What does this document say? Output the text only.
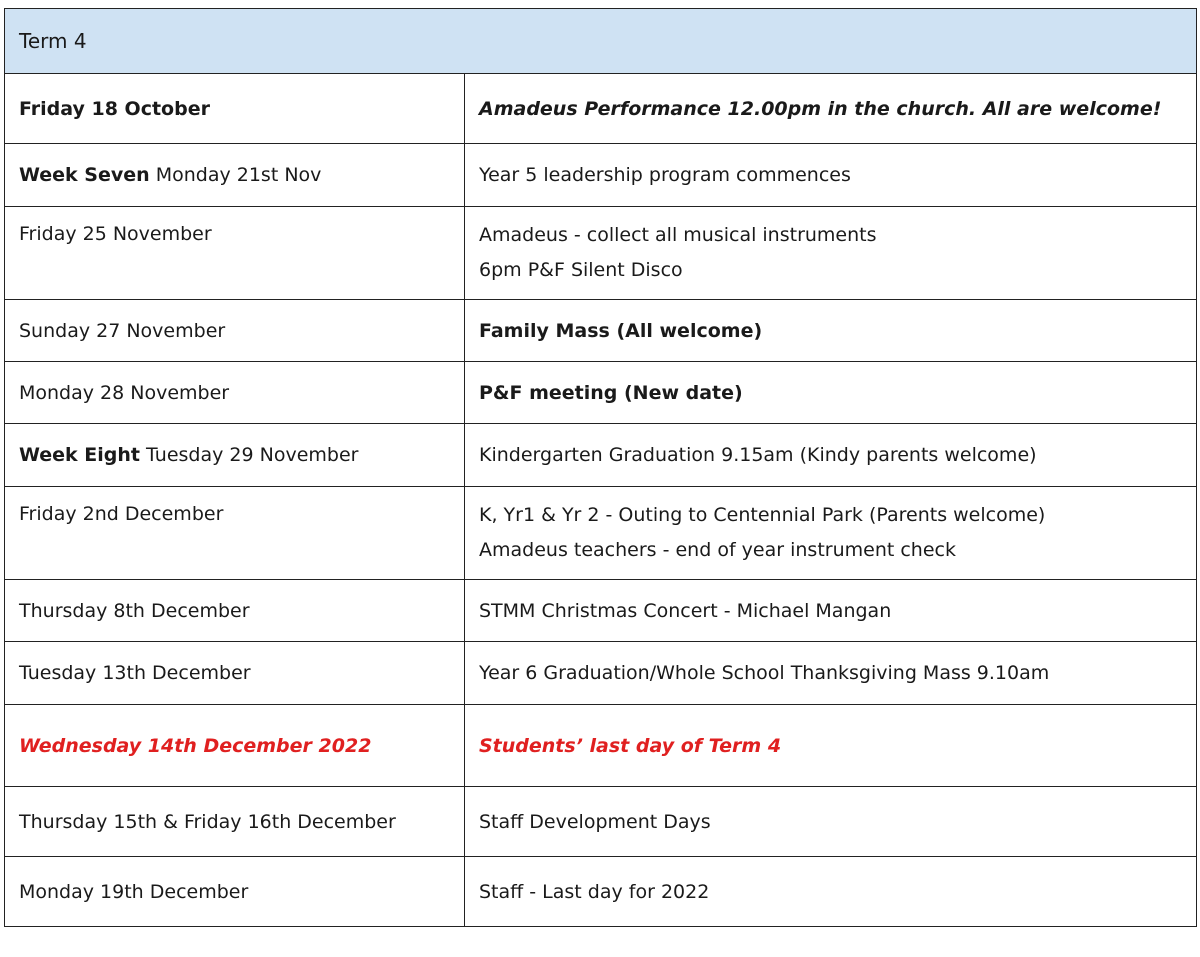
Term 4	
Friday 18 October	Amadeus Performance 12.00pm in the church. All are welcome!
Week Seven Monday 21st Nov	Year 5 leadership program commences
Friday 25 November	Amadeus - collect all musical instruments
6pm P&F Silent Disco

Sunday 27 November	Family Mass (All welcome)
Monday 28 November	P&F meeting (New date)
Week Eight Tuesday 29 November	Kindergarten Graduation 9.15am (Kindy parents welcome)
Friday 2nd December	K, Yr1 & Yr 2 - Outing to Centennial Park (Parents welcome)
Amadeus teachers - end of year instrument check

Thursday 8th December	STMM Christmas Concert - Michael Mangan
Tuesday 13th December	Year 6 Graduation/Whole School Thanksgiving Mass 9.10am
Wednesday 14th December 2022	Students’ last day of Term 4
Thursday 15th & Friday 16th December	Staff Development Days
Monday 19th December	Staff - Last day for 2022
